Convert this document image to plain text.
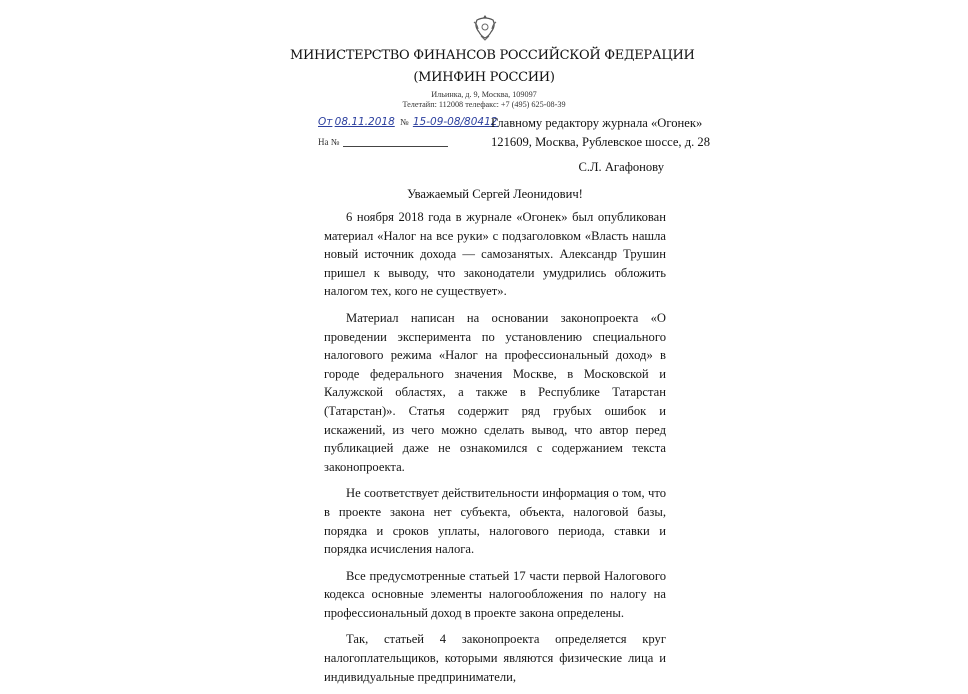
МИНИСТЕРСТВО ФИНАНСОВ РОССИЙСКОЙ ФЕДЕРАЦИИ
(МИНФИН РОССИИ)
Ильинка, д. 9, Москва, 109097
Телетайп: 112008 телефакс: +7 (495) 625-08-39
От 08.11.2018 № 15-09-08/80412
На №
Главному редактору журнала «Огонек»
121609, Москва, Рублевское шоссе, д. 28
С.Л. Агафонову
Уважаемый Сергей Леонидович!

6 ноября 2018 года в журнале «Огонек» был опубликован материал «Налог на все руки» с подзаголовком «Власть нашла новый источник дохода — самозанятых. Александр Трушин пришел к выводу, что законодатели умудрились обложить налогом тех, кого не существует».

Материал написан на основании законопроекта «О проведении эксперимента по установлению специального налогового режима «Налог на профессиональный доход» в городе федерального значения Москве, в Московской и Калужской областях, а также в Республике Татарстан (Татарстан)». Статья содержит ряд грубых ошибок и искажений, из чего можно сделать вывод, что автор перед публикацией даже не ознакомился с содержанием текста законопроекта.

Не соответствует действительности информация о том, что в проекте закона нет субъекта, объекта, налоговой базы, порядка и сроков уплаты, налогового периода, ставки и порядка исчисления налога.

Все предусмотренные статьей 17 части первой Налогового кодекса основные элементы налогообложения по налогу на профессиональный доход в проекте закона определены.

Так, статьей 4 законопроекта определяется круг налогоплательщиков, которыми являются физические лица и индивидуальные предприниматели,
